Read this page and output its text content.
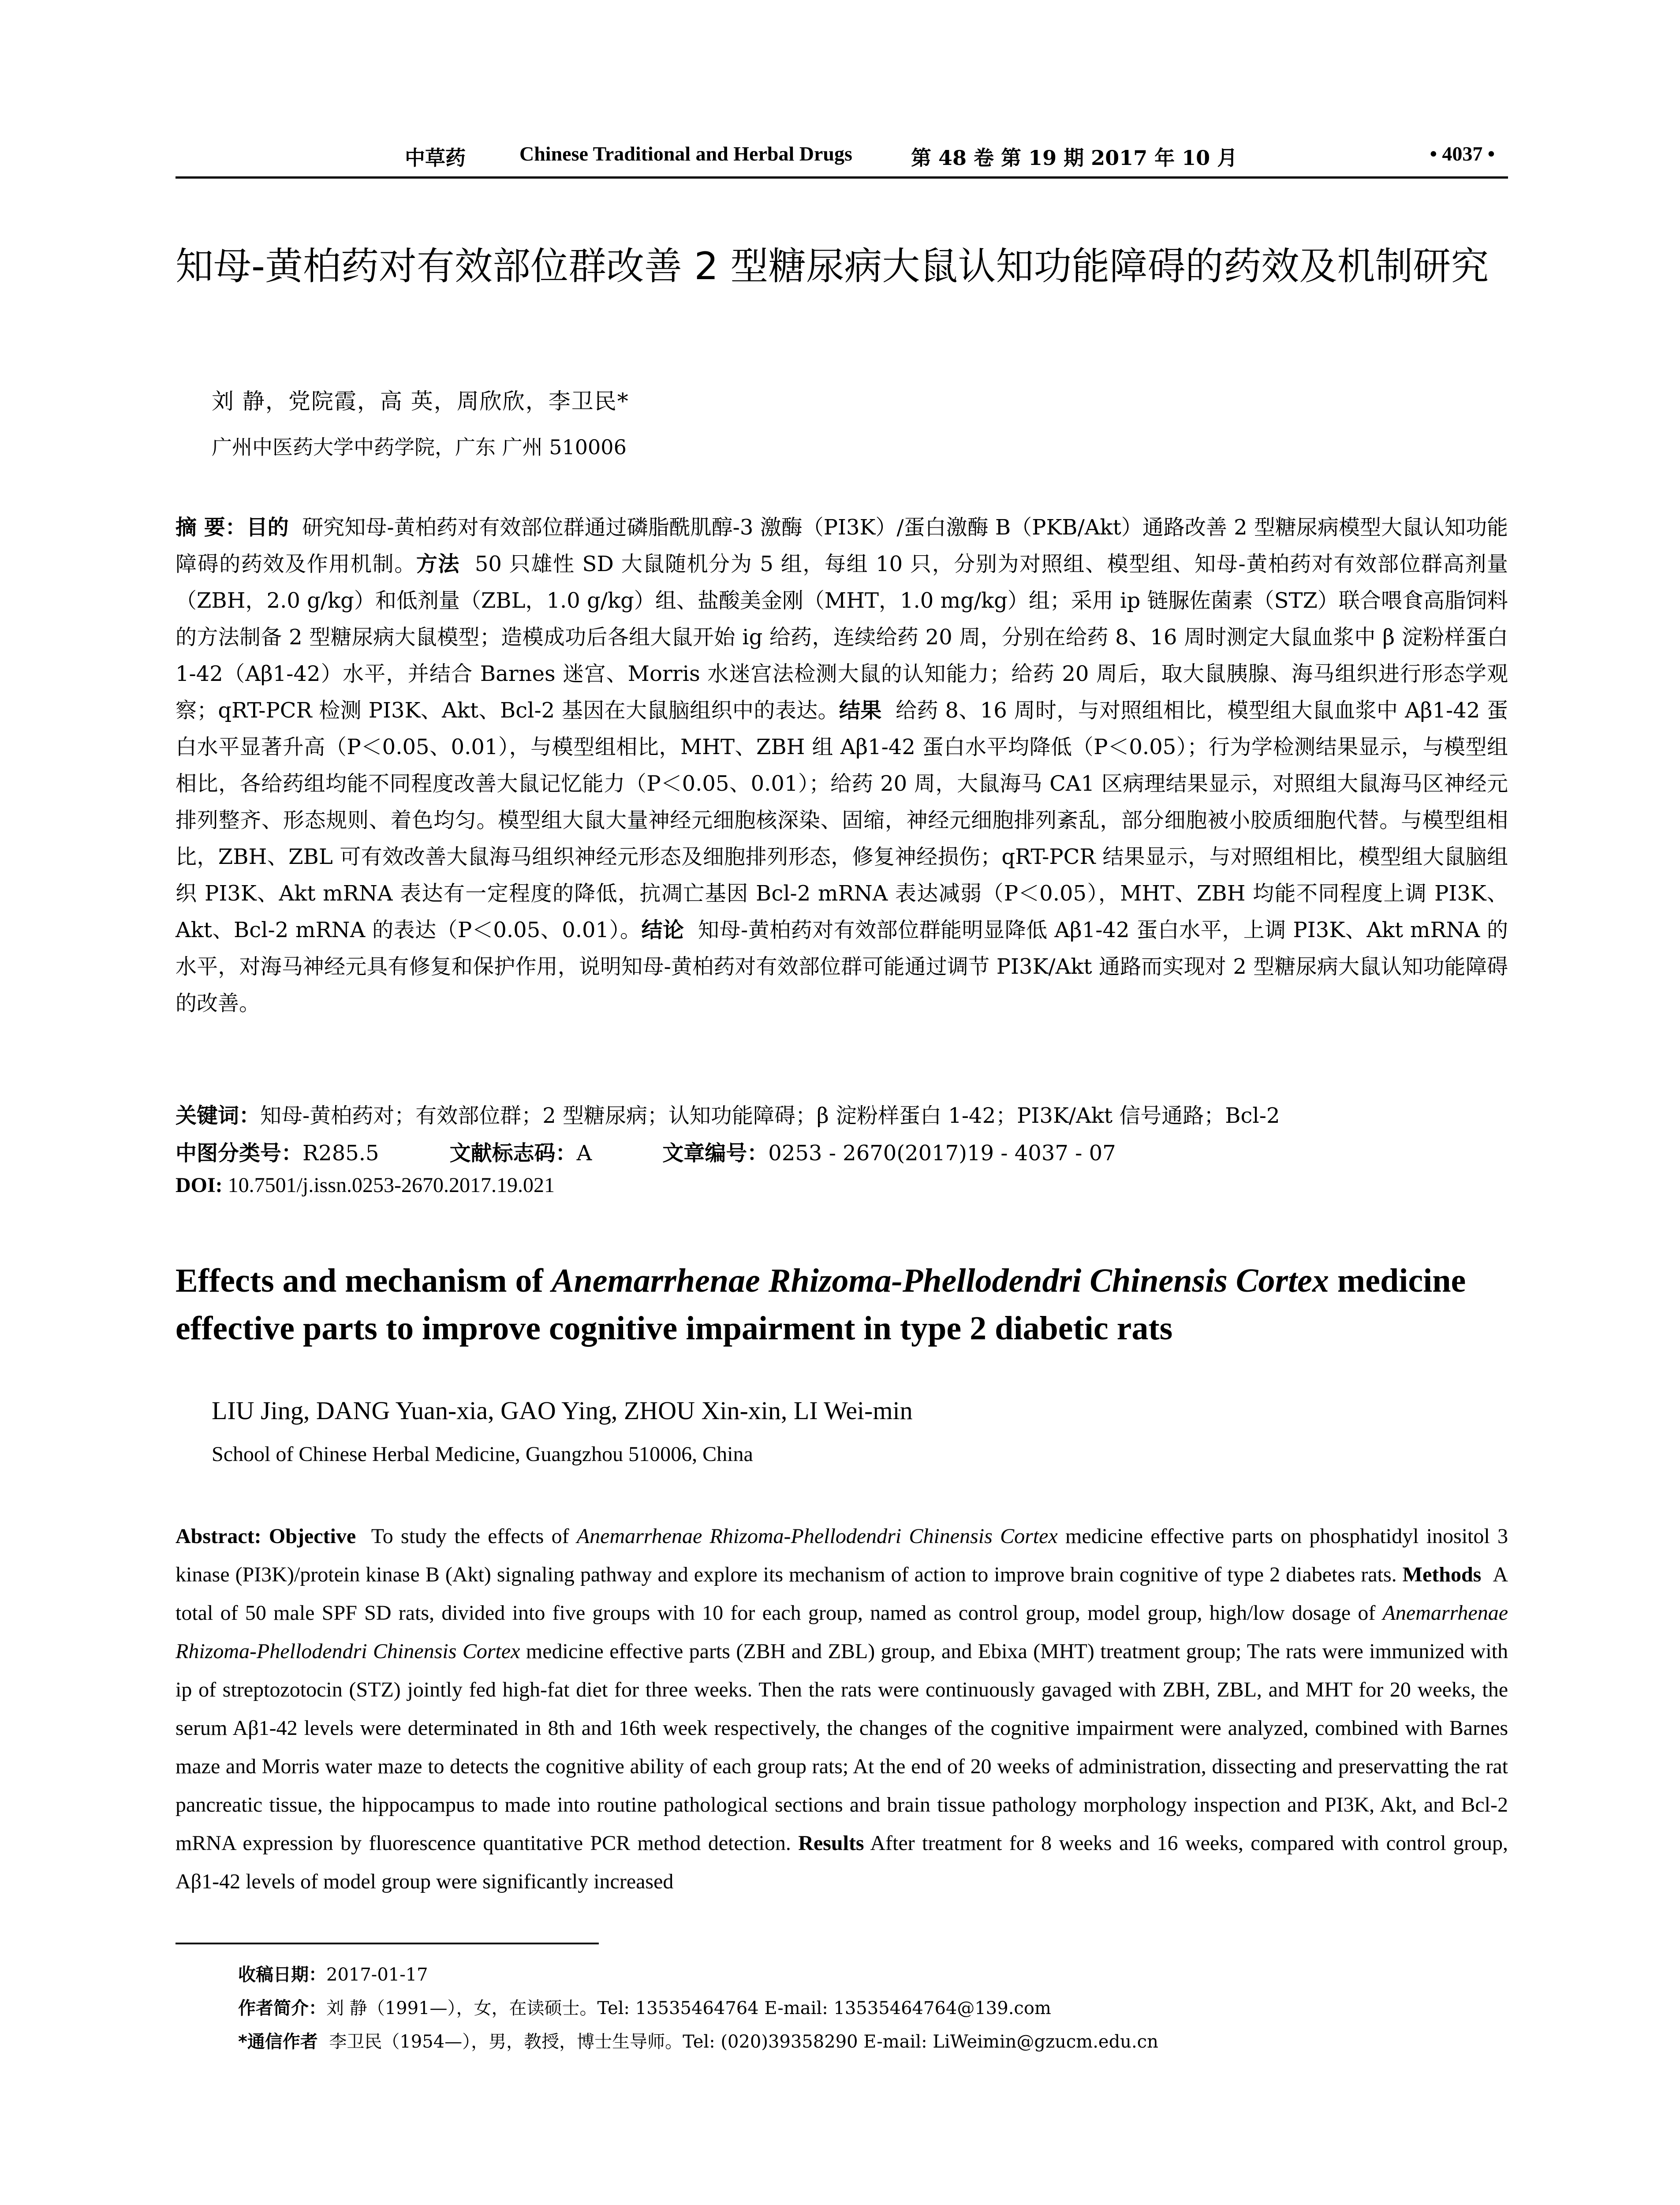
中草药	Chinese Traditional and Herbal Drugs	第 48 卷 第 19 期 2017 年 10 月	• 4037 •
知母-黄柏药对有效部位群改善 2 型糖尿病大鼠认知功能障碍的药效及机制研究
刘 静，党院霞，高 英，周欣欣，李卫民*
广州中医药大学中药学院，广东 广州 510006
摘 要：目的 研究知母-黄柏药对有效部位群通过磷脂酰肌醇-3 激酶（PI3K）/蛋白激酶 B（PKB/Akt）通路改善 2 型糖尿病模型大鼠认知功能障碍的药效及作用机制。方法 50 只雄性 SD 大鼠随机分为 5 组，每组 10 只，分别为对照组、模型组、知母-黄柏药对有效部位群高剂量（ZBH，2.0 g/kg）和低剂量（ZBL，1.0 g/kg）组、盐酸美金刚（MHT，1.0 mg/kg）组；采用 ip 链脲佐菌素（STZ）联合喂食高脂饲料的方法制备 2 型糖尿病大鼠模型；造模成功后各组大鼠开始 ig 给药，连续给药 20 周，分别在给药 8、16 周时测定大鼠血浆中 β 淀粉样蛋白 1-42（Aβ1-42）水平，并结合 Barnes 迷宫、Morris 水迷宫法检测大鼠的认知能力；给药 20 周后，取大鼠胰腺、海马组织进行形态学观察；qRT-PCR 检测 PI3K、Akt、Bcl-2 基因在大鼠脑组织中的表达。结果 给药 8、16 周时，与对照组相比，模型组大鼠血浆中 Aβ1-42 蛋白水平显著升高（P＜0.05、0.01），与模型组相比，MHT、ZBH 组 Aβ1-42 蛋白水平均降低（P＜0.05）；行为学检测结果显示，与模型组相比，各给药组均能不同程度改善大鼠记忆能力（P＜0.05、0.01）；给药 20 周，大鼠海马 CA1 区病理结果显示，对照组大鼠海马区神经元排列整齐、形态规则、着色均匀。模型组大鼠大量神经元细胞核深染、固缩，神经元细胞排列紊乱，部分细胞被小胶质细胞代替。与模型组相比，ZBH、ZBL 可有效改善大鼠海马组织神经元形态及细胞排列形态，修复神经损伤；qRT-PCR 结果显示，与对照组相比，模型组大鼠脑组织 PI3K、Akt mRNA 表达有一定程度的降低，抗凋亡基因 Bcl-2 mRNA 表达减弱（P＜0.05），MHT、ZBH 均能不同程度上调 PI3K、Akt、Bcl-2 mRNA 的表达（P＜0.05、0.01）。结论 知母-黄柏药对有效部位群能明显降低 Aβ1-42 蛋白水平，上调 PI3K、Akt mRNA 的水平，对海马神经元具有修复和保护作用，说明知母-黄柏药对有效部位群可能通过调节 PI3K/Akt 通路而实现对 2 型糖尿病大鼠认知功能障碍的改善。
关键词：知母-黄柏药对；有效部位群；2 型糖尿病；认知功能障碍；β 淀粉样蛋白 1-42；PI3K/Akt 信号通路；Bcl-2
中图分类号：R285.5	文献标志码：A	文章编号：0253 - 2670(2017)19 - 4037 - 07
DOI: 10.7501/j.issn.0253-2670.2017.19.021
Effects and mechanism of Anemarrhenae Rhizoma-Phellodendri Chinensis Cortex medicine effective parts to improve cognitive impairment in type 2 diabetic rats
LIU Jing, DANG Yuan-xia, GAO Ying, ZHOU Xin-xin, LI Wei-min
School of Chinese Herbal Medicine, Guangzhou 510006, China
Abstract: Objective To study the effects of Anemarrhenae Rhizoma-Phellodendri Chinensis Cortex medicine effective parts on phosphatidyl inositol 3 kinase (PI3K)/protein kinase B (Akt) signaling pathway and explore its mechanism of action to improve brain cognitive of type 2 diabetes rats. Methods A total of 50 male SPF SD rats, divided into five groups with 10 for each group, named as control group, model group, high/low dosage of Anemarrhenae Rhizoma-Phellodendri Chinensis Cortex medicine effective parts (ZBH and ZBL) group, and Ebixa (MHT) treatment group; The rats were immunized with ip of streptozotocin (STZ) jointly fed high-fat diet for three weeks. Then the rats were continuously gavaged with ZBH, ZBL, and MHT for 20 weeks, the serum Aβ1-42 levels were determinated in 8th and 16th week respectively, the changes of the cognitive impairment were analyzed, combined with Barnes maze and Morris water maze to detects the cognitive ability of each group rats; At the end of 20 weeks of administration, dissecting and preservatting the rat pancreatic tissue, the hippocampus to made into routine pathological sections and brain tissue pathology morphology inspection and PI3K, Akt, and Bcl-2 mRNA expression by fluorescence quantitative PCR method detection. Results After treatment for 8 weeks and 16 weeks, compared with control group, Aβ1-42 levels of model group were significantly increased
收稿日期：2017-01-17
作者简介：刘 静（1991—），女，在读硕士。Tel: 13535464764 E-mail: 13535464764@139.com
*通信作者 李卫民（1954—），男，教授，博士生导师。Tel: (020)39358290 E-mail: LiWeimin@gzucm.edu.cn
